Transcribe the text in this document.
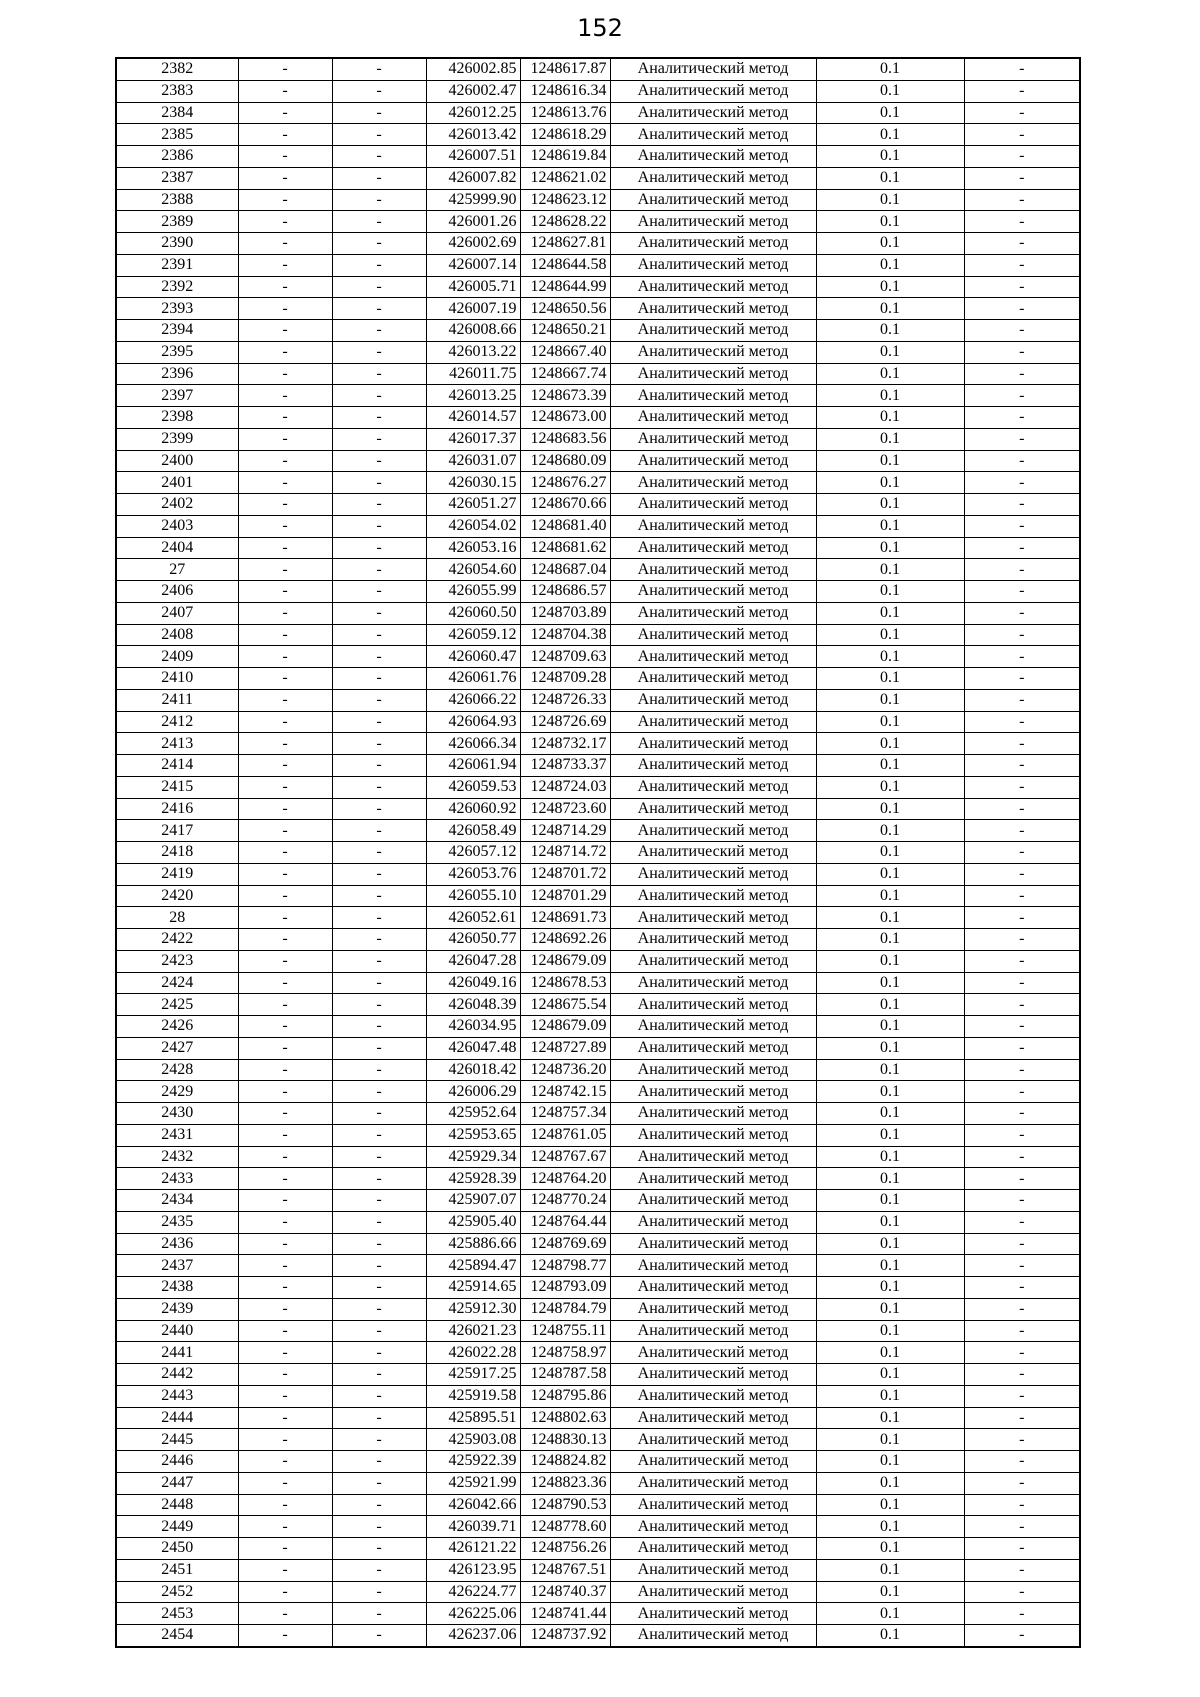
152
2382	-	-	426002.85	1248617.87	Аналитический метод	0.1	-
2383	-	-	426002.47	1248616.34	Аналитический метод	0.1	-
2384	-	-	426012.25	1248613.76	Аналитический метод	0.1	-
2385	-	-	426013.42	1248618.29	Аналитический метод	0.1	-
2386	-	-	426007.51	1248619.84	Аналитический метод	0.1	-
2387	-	-	426007.82	1248621.02	Аналитический метод	0.1	-
2388	-	-	425999.90	1248623.12	Аналитический метод	0.1	-
2389	-	-	426001.26	1248628.22	Аналитический метод	0.1	-
2390	-	-	426002.69	1248627.81	Аналитический метод	0.1	-
2391	-	-	426007.14	1248644.58	Аналитический метод	0.1	-
2392	-	-	426005.71	1248644.99	Аналитический метод	0.1	-
2393	-	-	426007.19	1248650.56	Аналитический метод	0.1	-
2394	-	-	426008.66	1248650.21	Аналитический метод	0.1	-
2395	-	-	426013.22	1248667.40	Аналитический метод	0.1	-
2396	-	-	426011.75	1248667.74	Аналитический метод	0.1	-
2397	-	-	426013.25	1248673.39	Аналитический метод	0.1	-
2398	-	-	426014.57	1248673.00	Аналитический метод	0.1	-
2399	-	-	426017.37	1248683.56	Аналитический метод	0.1	-
2400	-	-	426031.07	1248680.09	Аналитический метод	0.1	-
2401	-	-	426030.15	1248676.27	Аналитический метод	0.1	-
2402	-	-	426051.27	1248670.66	Аналитический метод	0.1	-
2403	-	-	426054.02	1248681.40	Аналитический метод	0.1	-
2404	-	-	426053.16	1248681.62	Аналитический метод	0.1	-
27	-	-	426054.60	1248687.04	Аналитический метод	0.1	-
2406	-	-	426055.99	1248686.57	Аналитический метод	0.1	-
2407	-	-	426060.50	1248703.89	Аналитический метод	0.1	-
2408	-	-	426059.12	1248704.38	Аналитический метод	0.1	-
2409	-	-	426060.47	1248709.63	Аналитический метод	0.1	-
2410	-	-	426061.76	1248709.28	Аналитический метод	0.1	-
2411	-	-	426066.22	1248726.33	Аналитический метод	0.1	-
2412	-	-	426064.93	1248726.69	Аналитический метод	0.1	-
2413	-	-	426066.34	1248732.17	Аналитический метод	0.1	-
2414	-	-	426061.94	1248733.37	Аналитический метод	0.1	-
2415	-	-	426059.53	1248724.03	Аналитический метод	0.1	-
2416	-	-	426060.92	1248723.60	Аналитический метод	0.1	-
2417	-	-	426058.49	1248714.29	Аналитический метод	0.1	-
2418	-	-	426057.12	1248714.72	Аналитический метод	0.1	-
2419	-	-	426053.76	1248701.72	Аналитический метод	0.1	-
2420	-	-	426055.10	1248701.29	Аналитический метод	0.1	-
28	-	-	426052.61	1248691.73	Аналитический метод	0.1	-
2422	-	-	426050.77	1248692.26	Аналитический метод	0.1	-
2423	-	-	426047.28	1248679.09	Аналитический метод	0.1	-
2424	-	-	426049.16	1248678.53	Аналитический метод	0.1	-
2425	-	-	426048.39	1248675.54	Аналитический метод	0.1	-
2426	-	-	426034.95	1248679.09	Аналитический метод	0.1	-
2427	-	-	426047.48	1248727.89	Аналитический метод	0.1	-
2428	-	-	426018.42	1248736.20	Аналитический метод	0.1	-
2429	-	-	426006.29	1248742.15	Аналитический метод	0.1	-
2430	-	-	425952.64	1248757.34	Аналитический метод	0.1	-
2431	-	-	425953.65	1248761.05	Аналитический метод	0.1	-
2432	-	-	425929.34	1248767.67	Аналитический метод	0.1	-
2433	-	-	425928.39	1248764.20	Аналитический метод	0.1	-
2434	-	-	425907.07	1248770.24	Аналитический метод	0.1	-
2435	-	-	425905.40	1248764.44	Аналитический метод	0.1	-
2436	-	-	425886.66	1248769.69	Аналитический метод	0.1	-
2437	-	-	425894.47	1248798.77	Аналитический метод	0.1	-
2438	-	-	425914.65	1248793.09	Аналитический метод	0.1	-
2439	-	-	425912.30	1248784.79	Аналитический метод	0.1	-
2440	-	-	426021.23	1248755.11	Аналитический метод	0.1	-
2441	-	-	426022.28	1248758.97	Аналитический метод	0.1	-
2442	-	-	425917.25	1248787.58	Аналитический метод	0.1	-
2443	-	-	425919.58	1248795.86	Аналитический метод	0.1	-
2444	-	-	425895.51	1248802.63	Аналитический метод	0.1	-
2445	-	-	425903.08	1248830.13	Аналитический метод	0.1	-
2446	-	-	425922.39	1248824.82	Аналитический метод	0.1	-
2447	-	-	425921.99	1248823.36	Аналитический метод	0.1	-
2448	-	-	426042.66	1248790.53	Аналитический метод	0.1	-
2449	-	-	426039.71	1248778.60	Аналитический метод	0.1	-
2450	-	-	426121.22	1248756.26	Аналитический метод	0.1	-
2451	-	-	426123.95	1248767.51	Аналитический метод	0.1	-
2452	-	-	426224.77	1248740.37	Аналитический метод	0.1	-
2453	-	-	426225.06	1248741.44	Аналитический метод	0.1	-
2454	-	-	426237.06	1248737.92	Аналитический метод	0.1	-
